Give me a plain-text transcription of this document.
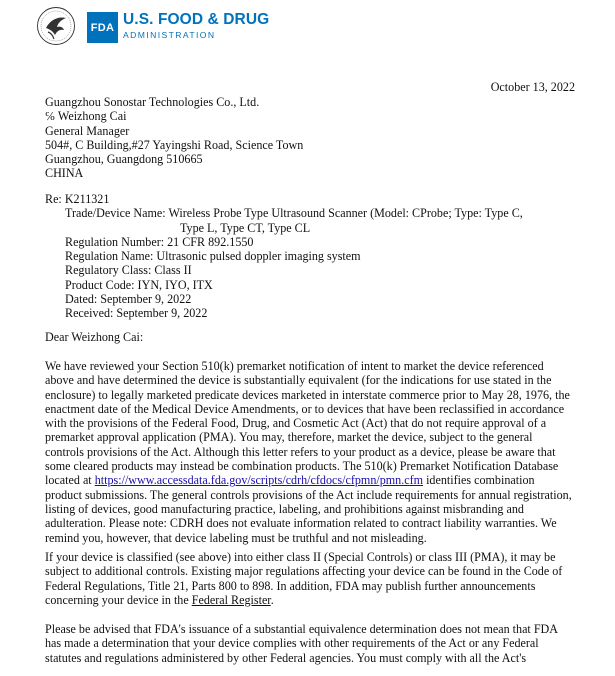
FDA U.S. FOOD & DRUG
ADMINISTRATION
October 13, 2022
Guangzhou Sonostar Technologies Co., Ltd.
℅ Weizhong Cai
General Manager
504#, C Building,#27 Yayingshi Road, Science Town
Guangzhou, Guangdong 510665
CHINA
Re: K211321
Trade/Device Name: Wireless Probe Type Ultrasound Scanner (Model: CProbe; Type: Type C,
Type L, Type CT, Type CL
Regulation Number: 21 CFR 892.1550
Regulation Name: Ultrasonic pulsed doppler imaging system
Regulatory Class: Class II
Product Code: IYN, IYO, ITX
Dated: September 9, 2022
Received: September 9, 2022
Dear Weizhong Cai:
We have reviewed your Section 510(k) premarket notification of intent to market the device referenced
above and have determined the device is substantially equivalent (for the indications for use stated in the
enclosure) to legally marketed predicate devices marketed in interstate commerce prior to May 28, 1976, the
enactment date of the Medical Device Amendments, or to devices that have been reclassified in accordance
with the provisions of the Federal Food, Drug, and Cosmetic Act (Act) that do not require approval of a
premarket approval application (PMA). You may, therefore, market the device, subject to the general
controls provisions of the Act. Although this letter refers to your product as a device, please be aware that
some cleared products may instead be combination products. The 510(k) Premarket Notification Database
located at https://www.accessdata.fda.gov/scripts/cdrh/cfdocs/cfpmn/pmn.cfm identifies combination
product submissions. The general controls provisions of the Act include requirements for annual registration,
listing of devices, good manufacturing practice, labeling, and prohibitions against misbranding and
adulteration. Please note: CDRH does not evaluate information related to contract liability warranties. We
remind you, however, that device labeling must be truthful and not misleading.
If your device is classified (see above) into either class II (Special Controls) or class III (PMA), it may be
subject to additional controls. Existing major regulations affecting your device can be found in the Code of
Federal Regulations, Title 21, Parts 800 to 898. In addition, FDA may publish further announcements
concerning your device in the Federal Register.
Please be advised that FDA's issuance of a substantial equivalence determination does not mean that FDA
has made a determination that your device complies with other requirements of the Act or any Federal
statutes and regulations administered by other Federal agencies. You must comply with all the Act's
